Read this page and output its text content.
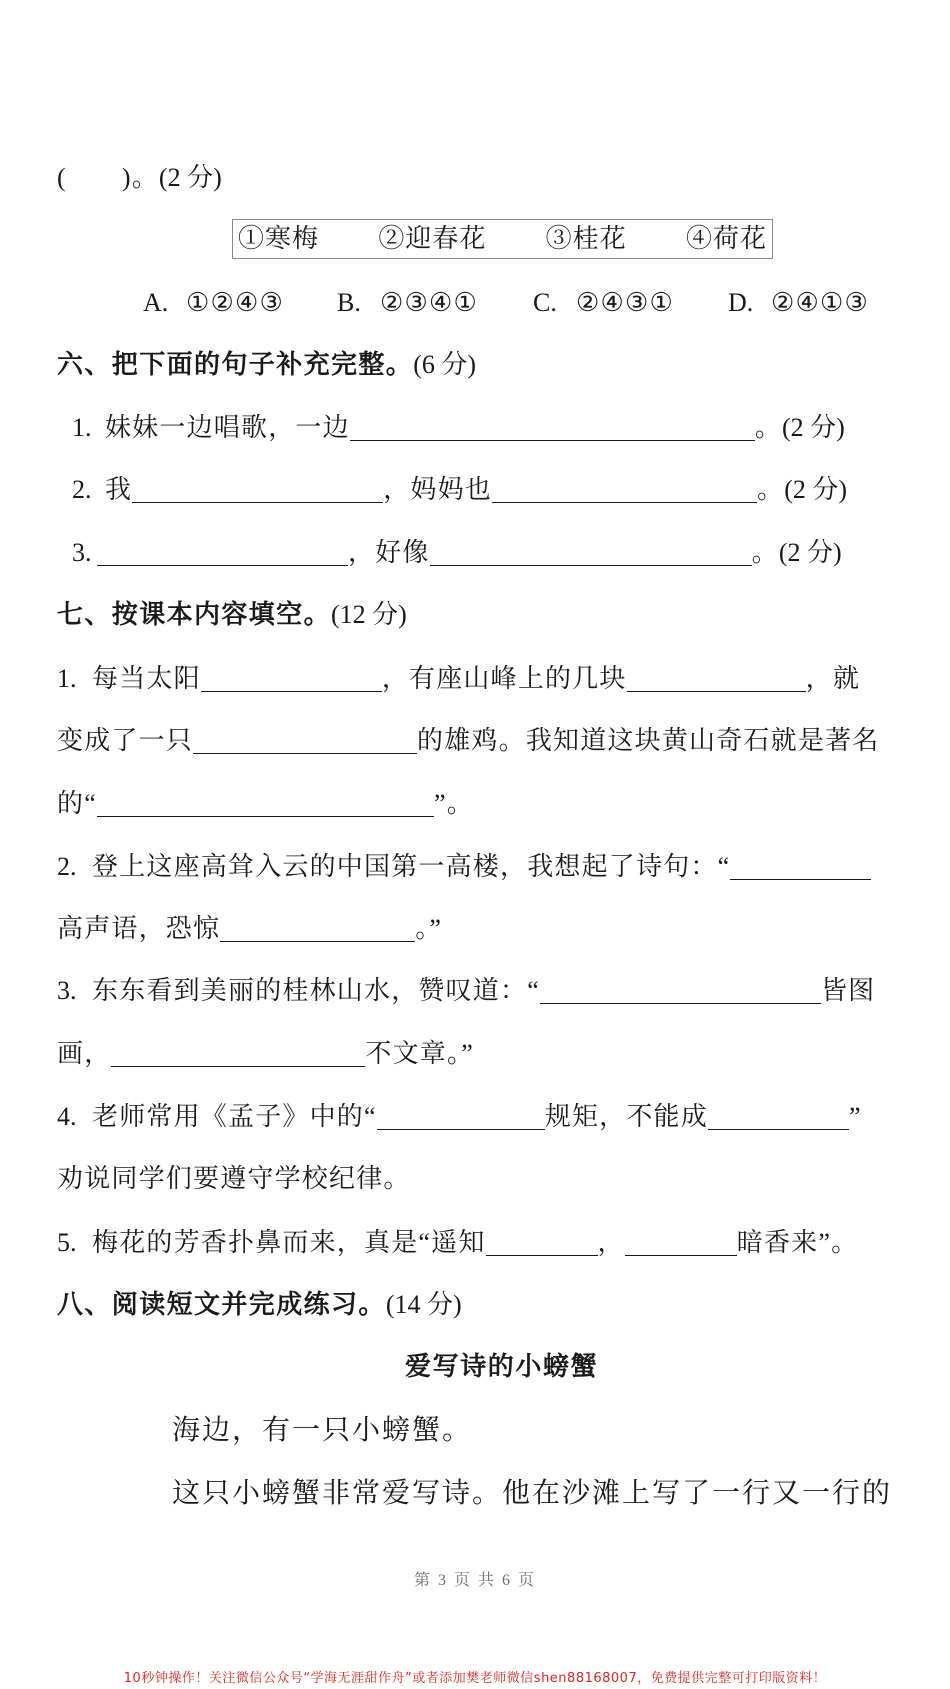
( )。(2 分)
①寒梅 ②迎春花 ③桂花 ④荷花
A. ①②④③ B. ②③④① C. ②④③① D. ②④①③
六、把下面的句子补充完整。(6 分)
1. 妹妹一边唱歌，一边	。(2 分)
2. 我	，妈妈也	。(2 分)
3.	，好像	。(2 分)
七、按课本内容填空。(12 分)
1. 每当太阳	，有座山峰上的几块	，就
变成了一只	的雄鸡。我知道这块黄山奇石就是著名
的“	”。
2. 登上这座高耸入云的中国第一高楼，我想起了诗句：“
高声语，恐惊	。”
3. 东东看到美丽的桂林山水，赞叹道：“	皆图
画，	不文章。”
4. 老师常用《孟子》中的“	规矩，不能成	”
劝说同学们要遵守学校纪律。
5. 梅花的芳香扑鼻而来，真是“遥知	，	暗香来”。
八、阅读短文并完成练习。(14 分)
爱写诗的小螃蟹
海边，有一只小螃蟹。
这只小螃蟹非常爱写诗。他在沙滩上写了一行又一行的
第 3 页 共 6 页
10秒钟操作！关注微信公众号“学海无涯甜作舟”或者添加樊老师微信shen88168007，免费提供完整可打印版资料！
